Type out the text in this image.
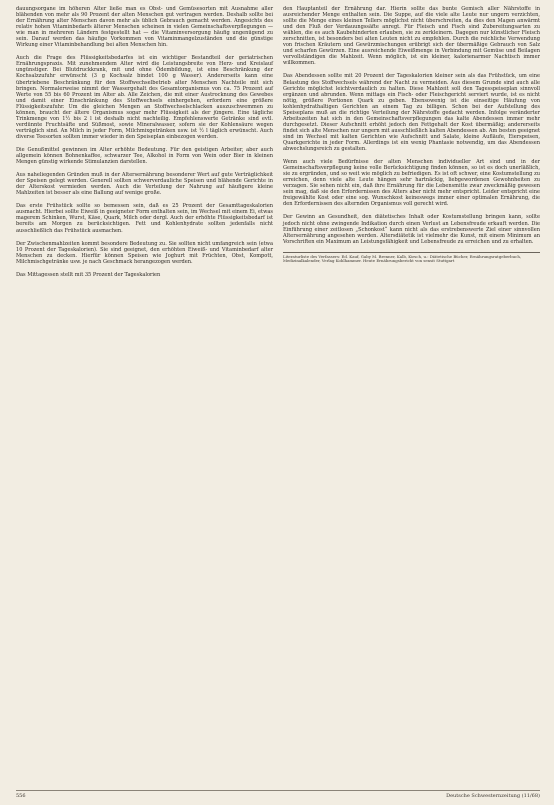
dauungsorgane im höheren Alter ließe man es Obst- und Gemüsesorten mit Ausnahme aller blähenden von mehr als 90 Prozent der alten Menschen gut vertragen werden. Deshalb sollte bei der Ernährung alter Menschen davon mehr als üblich Gebrauch gemacht werden. Angesichts des relativ hohen Vitaminbedarfs älterer Menschen scheinen in vielen Gemeinschaftsverpflegungen — wie man in mehreren Ländern festgestellt hat — die Vitaminversorgung häufig ungenügend zu sein. Darauf werden das häufige Vorkommen von Vitaminmangelzuständen und die günstige Wirkung einer Vitaminbehandlung bei alten Menschen hin.

Auch die Frage des Flüssigkeitsbedarfes ist ein wichtiger Bestandteil der geriatrischen Ernährungspraxis. Mit zunehmendem Alter wird die Leistungsbreite von Herz- und Kreislauf ungünstiger. Bei Blutdruckkrank, mit und ohne Ödembildung, ist eine Beschränkung der Kochsalzzufuhr erwünscht (3 g Kochsalz bindet 100 g Wasser). Andererseits kann eine übertriebene Beschränkung für den Stoffwechselbetrieb alter Menschen Nachteile mit sich bringen. Normalerweise nimmt der Wassergehalt des Gesamtorganismus von ca. 75 Prozent auf Werte von 55 bis 60 Prozent im Alter ab. Alle Zeichen, die mit einer Austrocknung des Gewebes und damit einer Einschränkung des Stoffwechsels einhergehen, erfordern eine größere Flüssigkeitszufuhr. Um die gleichen Mengen an Stoffwechselschlacken auszuschwemmen zu können, braucht der ältere Organismus sogar mehr Flüssigkeit als der jüngere. Eine tägliche Trinkmenge von 1½ bis 2 l ist deshalb nicht nachteilig. Empfehlenswerte Getränke sind evtl. verdünnte Fruchtsäfte und Süßmost, sowie Mineralwasser, sofern sie der Kohlensäure wegen verträglich sind. An Milch in jeder Form, Milchmixgetränken usw. ist ½ l täglich erwünscht. Auch diverse Teesorten sollten immer wieder in den Speiseplan einbezogen werden.

Die Genußmittel gewinnen im Alter erhöhte Bedeutung. Für den geistigen Arbeiter, aber auch allgemein können Bohnenkaffee, schwarzer Tee, Alkohol in Form von Wein oder Bier in kleinen Mengen günstig wirkende Stimulanzien darstellen.

Aus naheliegenden Gründen muß in der Altersernährung besonderer Wert auf gute Verträglichkeit der Speisen gelegt werden. Generell sollten schwerverdauliche Speisen und blähende Gerichte in der Alterskost vermieden werden. Auch die Verteilung der Nahrung auf häufigere kleine Mahlzeiten ist besser als eine Ballung auf wenige große.

Das erste Frühstück sollte so bemessen sein, daß es 25 Prozent der Gesamttageskalorien ausmacht. Hierbei sollte Eiweiß in geeigneter Form enthalten sein, im Wechsel mit einem Ei, etwas magerem Schinken, Wurst, Käse, Quark, Milch oder dergl. Auch der erhöhte Flüssigkeitsbedarf ist bereits am Morgen zu berücksichtigen. Fett und Kohlenhydrate sollten jedenfalls nicht ausschließlich das Frühstück ausmachen.

Der Zwischenmahlzeiten kommt besondere Bedeutung zu. Sie sollten nicht umfangreich sein (etwa 10 Prozent der Tageskalorien). Sie sind geeignet, den erhöhten Eiweiß- und Vitaminbedarf alter Menschen zu decken. Hierfür können Speisen wie Joghurt mit Früchten, Obst, Kompott, Milchmischgetränke usw. je nach Geschmack herangezogen werden.

Das Mittagessen stellt mit 35 Prozent der Tageskalorien

den Hauptanteil der Ernährung dar. Hierin sollte das bunte Gemisch aller Nährstoffe in ausreichender Menge enthalten sein. Die Suppe, auf die viele alte Leute nur ungern verzichten, sollte die Menge eines kleinen Tellers möglichst nicht überschreiten, da dies den Magen anwärmt und den Fluß der Verdauungssäfte anregt. Für Fleisch und Fisch sind Zubereitungsarten zu wählen, die es auch Kaubehinderten erlauben, sie zu zerkleinern. Dagegen nur künstlicher Fleisch zerschnitten, ist besonders bei alten Leuten nicht zu empfehlen. Durch die reichliche Verwendung von frischen Kräutern und Gewürzmischungen erübrigt sich der übermäßige Gebrauch von Salz und scharfen Gewürzen. Eine ausreichende Eiweißmenge in Verbindung mit Gemüse und Beilagen vervollständigen die Mahlzeit. Wenn möglich, ist ein kleiner, kalorienarmer Nachtisch immer willkommen.

Das Abendessen sollte mit 20 Prozent der Tageskalorien kleiner sein als das Frühstück, um eine Belastung des Stoffwechsels während der Nacht zu vermeiden. Aus diesem Grunde sind auch alle Gerichte möglichst leichtverdaulich zu halten. Diese Mahlzeit soll den Tagesspeiseplan sinnvoll ergänzen und abrunden. Wenn mittags ein Fisch- oder Fleischgericht serviert wurde, ist es nicht nötig, größere Portionen Quark zu geben. Ebensowenig ist die einseitige Häufung von kohlenhydrathaltigen Gerichten an einem Tag zu billigen. Schon bei der Aufstellung des Speiseplans muß an die richtige Verteilung der Nährstoffe gedacht werden. Infolge veränderter Arbeitszeiten hat sich in den Gemeinschaftsverpflegungen das kalte Abendessen immer mehr durchgesetzt. Dieser Aufschnitt erhöht jedoch den Fettgehalt der Kost übermäßig; andererseits findet sich alte Menschen nur ungern mit ausschließlich kalten Abendessen ab. Am besten geeignet sind im Wechsel mit kalten Gerichten wie Aufschnitt und Salate, kleine Aufläufe, Eierspeisen, Quarkgerichte in jeder Form. Allerdings ist ein wenig Phantasie notwendig, um das Abendessen abwechslungsreich zu gestalten.

Wenn auch viele Bedürfnisse der alten Menschen individueller Art sind und in der Gemeinschaftsverpflegung keine volle Berücksichtigung finden können, so ist es doch unerläßlich, sie zu ergründen, und so weit wie möglich zu befriedigen. Es ist oft schwer, eine Kostumstellung zu erreichen, denn viele alte Leute hängen sehr hartnäckig, liebgewordenen Gewohnheiten zu verzagen. Sie sehen nicht ein, daß ihre Ernährung für die Lebensmitte zwar zweckmäßig gewesen sein mag, daß sie den Erfordernissen des Alters aber nicht mehr entspricht. Leider entspricht eine freigewählte Kost oder eine sog. Wunschkost keineswegs immer einer optimalen Ernährung, die den Erfordernissen des alternden Organismus voll gerecht wird.

Der Gewinn an Gesundheit, den diätetisches Inhalt oder Kostumstellung bringen kann, sollte jedoch nicht ohne zwingende Indikation durch einen Verlust an Lebensfreude erkauft werden. Die Einführung einer zeitlosen „Schonkost“ kann nicht als das erstrebenswerte Ziel einer sinnvollen Altersernährung angesehen werden. Altersdiätetik ist vielmehr die Kunst, mit einem Minimum an Vorschriften ein Maximum an Leistungsfähigkeit und Lebensfreude zu erreichen und zu erhalten.

Literaturliste des Verfassers: Ed. Kauf, Gaby M. Brenner, Kalb, Kirsch, u.: Diätetische Bücher, Ernährungsratgeberbuch, Medizinalkalender, Verlag Kohlhammer. Heute Ernährungsbericht von sensit Stuttgart
556	Deutsche Schwesternzeitung (11/68)
